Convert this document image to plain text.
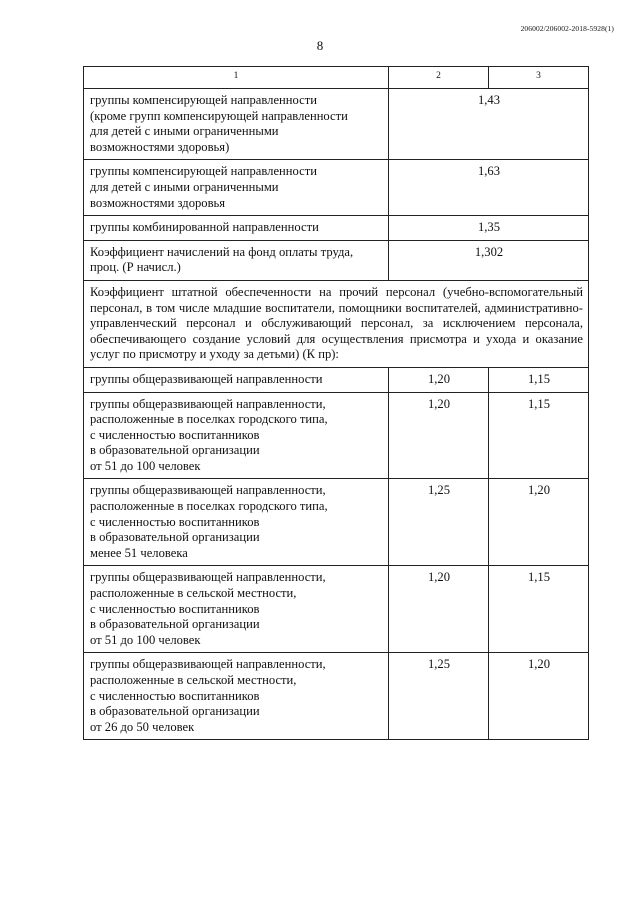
206002/206002-2018-5928(1)
8
1	2	3

группы компенсирующей направленности
(кроме групп компенсирующей направленности
для детей с иными ограниченными
возможностями здоровья)	1,43	

группы компенсирующей направленности
для детей с иными ограниченными
возможностями здоровья	1,63	

группы комбинированной направленности	1,35	

Коэффициент начислений на фонд оплаты труда,
проц. (Р начисл.)	1,302	
Коэффициент штатной обеспеченности на прочий персонал (учебно-вспомогательный персонал, в том числе младшие воспитатели, помощники воспитателей, административно-управленческий персонал и обслуживающий персонал, за исключением персонала, обеспечивающего создание условий для осуществления присмотра и ухода и оказание услуг по присмотру и уходу за детьми) (К пр):		

группы общеразвивающей направленности	1,20	1,15

группы общеразвивающей направленности,
расположенные в поселках городского типа,
с численностью воспитанников
в образовательной организации
от 51 до 100 человек	1,20	1,15

группы общеразвивающей направленности,
расположенные в поселках городского типа,
с численностью воспитанников
в образовательной организации
менее 51 человека	1,25	1,20

группы общеразвивающей направленности,
расположенные в сельской местности,
с численностью воспитанников
в образовательной организации
от 51 до 100 человек	1,20	1,15

группы общеразвивающей направленности,
расположенные в сельской местности,
с численностью воспитанников
в образовательной организации
от 26 до 50 человек	1,25	1,20
